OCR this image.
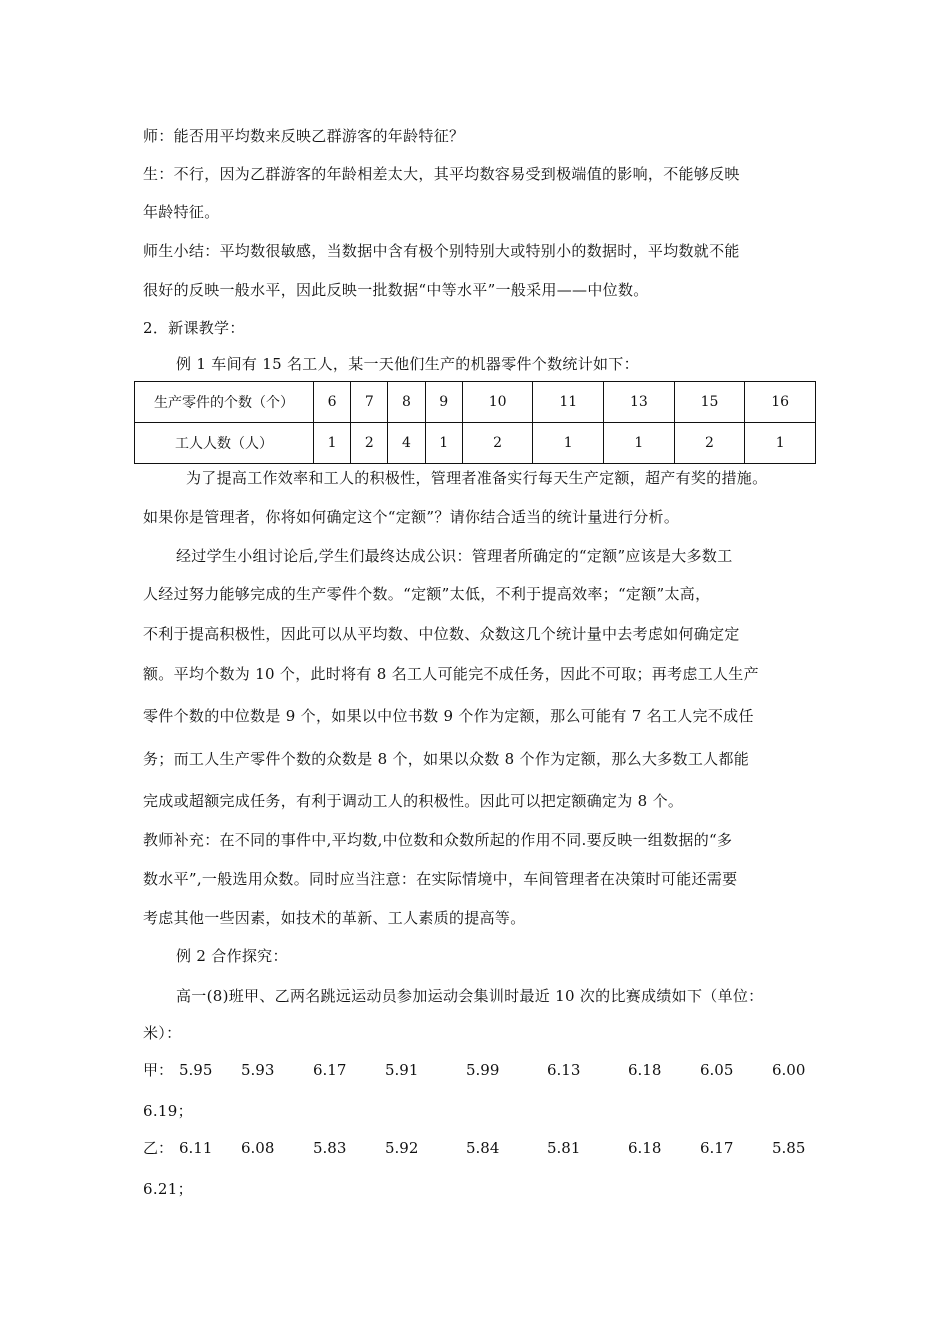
师：能否用平均数来反映乙群游客的年龄特征？
生：不行，因为乙群游客的年龄相差太大，其平均数容易受到极端值的影响，不能够反映
年龄特征。
师生小结：平均数很敏感，当数据中含有极个别特别大或特别小的数据时，平均数就不能
很好的反映一般水平，因此反映一批数据“中等水平”一般采用——中位数。
2．新课教学：
例 1 车间有 15 名工人，某一天他们生产的机器零件个数统计如下：
生产零件的个数（个）	6	7	8	9	10	11	13	15	16
工人人数（人）	1	2	4	1	2	1	1	2	1
为了提高工作效率和工人的积极性，管理者准备实行每天生产定额，超产有奖的措施。
如果你是管理者，你将如何确定这个“定额”？请你结合适当的统计量进行分析。
经过学生小组讨论后,学生们最终达成公识：管理者所确定的“定额”应该是大多数工
人经过努力能够完成的生产零件个数。“定额”太低，不利于提高效率；“定额”太高，
不利于提高积极性，因此可以从平均数、中位数、众数这几个统计量中去考虑如何确定定
额。平均个数为 10 个，此时将有 8 名工人可能完不成任务，因此不可取；再考虑工人生产
零件个数的中位数是 9 个，如果以中位书数 9 个作为定额，那么可能有 7 名工人完不成任
务；而工人生产零件个数的众数是 8 个，如果以众数 8 个作为定额，那么大多数工人都能
完成或超额完成任务，有利于调动工人的积极性。因此可以把定额确定为 8 个。
教师补充：在不同的事件中,平均数,中位数和众数所起的作用不同.要反映一组数据的“多
数水平”,一般选用众数。同时应当注意：在实际情境中，车间管理者在决策时可能还需要
考虑其他一些因素，如技术的革新、工人素质的提高等。
例 2 合作探究：
高一(8)班甲、乙两名跳远运动员参加运动会集训时最近 10 次的比赛成绩如下（单位：
米）：
甲： 5.95 5.93	6.17	5.91	5.99	6.13	6.18	6.05	6.00
6.19；
乙： 6.11 6.08	5.83	5.92	5.84	5.81	6.18	6.17	5.85
6.21；
